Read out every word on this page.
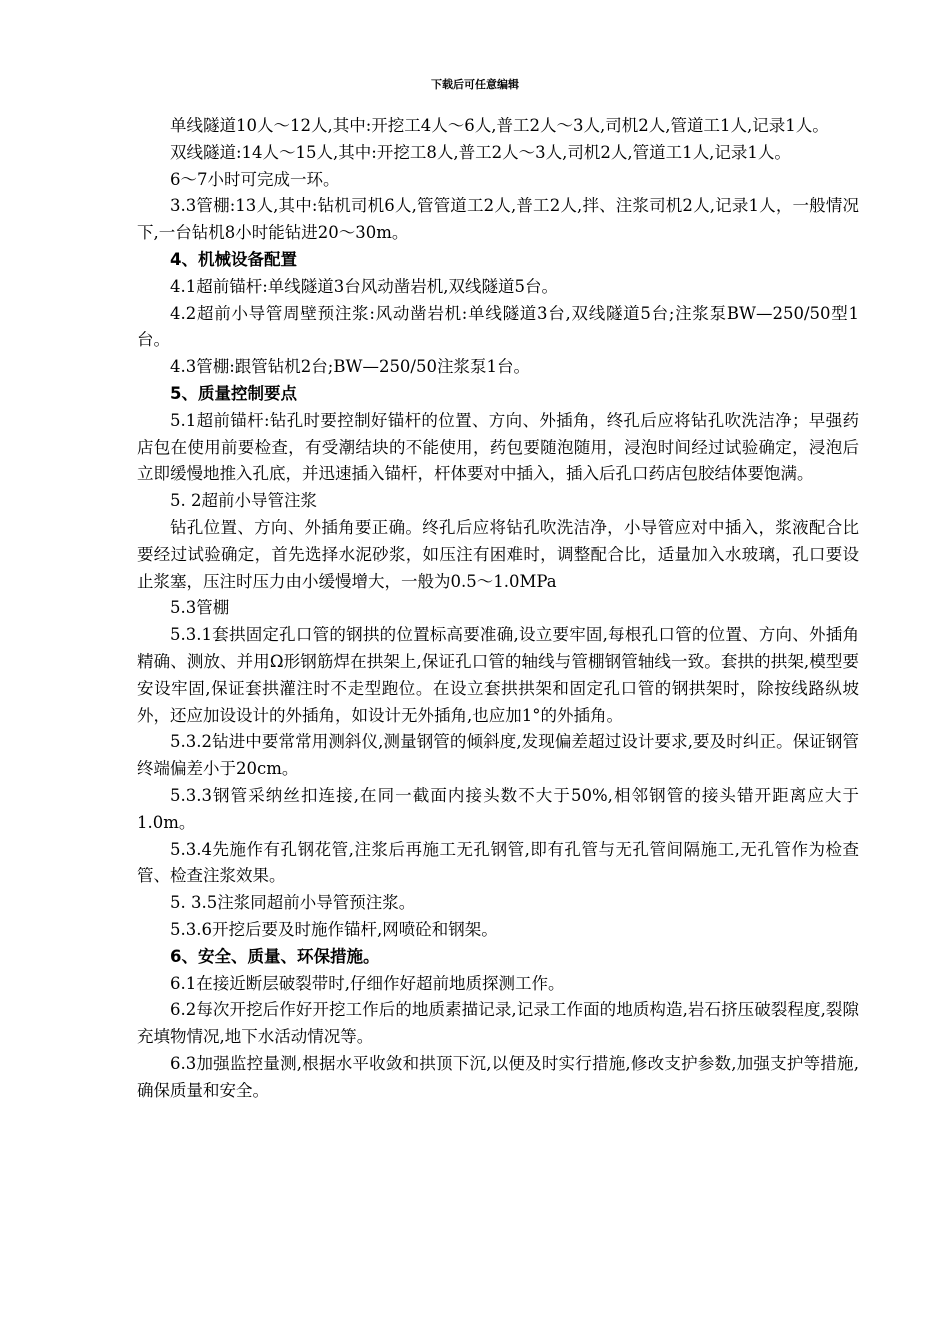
下载后可任意编辑

单线隧道10人～12人,其中:开挖工4人～6人,普工2人～3人,司机2人,管道工1人,记录1人。

双线隧道:14人～15人,其中:开挖工8人,普工2人～3人,司机2人,管道工1人,记录1人。

6～7小时可完成一环。

3.3管棚:13人,其中:钻机司机6人,管管道工2人,普工2人,拌、注浆司机2人,记录1人，一般情况下,一台钻机8小时能钻进20～30m。

4、机械设备配置

4.1超前锚杆:单线隧道3台风动凿岩机,双线隧道5台。

4.2超前小导管周壁预注浆:风动凿岩机:单线隧道3台,双线隧道5台;注浆泵BW—250/50型1台。

4.3管棚:跟管钻机2台;BW—250/50注浆泵1台。

5、质量控制要点

5.1超前锚杆:钻孔时要控制好锚杆的位置、方向、外插角，终孔后应将钻孔吹洗洁净；早强药店包在使用前要检查，有受潮结块的不能使用，药包要随泡随用，浸泡时间经过试验确定，浸泡后立即缓慢地推入孔底，并迅速插入锚杆，杆体要对中插入，插入后孔口药店包胶结体要饱满。

5. 2超前小导管注浆

钻孔位置、方向、外插角要正确。终孔后应将钻孔吹洗洁净，小导管应对中插入，浆液配合比要经过试验确定，首先选择水泥砂浆，如压注有困难时，调整配合比，适量加入水玻璃，孔口要设止浆塞，压注时压力由小缓慢增大，一般为0.5～1.0MPa

5.3管棚

5.3.1套拱固定孔口管的钢拱的位置标高要准确,设立要牢固,每根孔口管的位置、方向、外插角精确、测放、并用Ω形钢筋焊在拱架上,保证孔口管的轴线与管棚钢管轴线一致。套拱的拱架,模型要安设牢固,保证套拱灌注时不走型跑位。在设立套拱拱架和固定孔口管的钢拱架时，除按线路纵坡外，还应加设设计的外插角，如设计无外插角,也应加1°的外插角。

5.3.2钻进中要常常用测斜仪,测量钢管的倾斜度,发现偏差超过设计要求,要及时纠正。保证钢管终端偏差小于20cm。

5.3.3钢管采纳丝扣连接,在同一截面内接头数不大于50%,相邻钢管的接头错开距离应大于1.0m。

5.3.4先施作有孔钢花管,注浆后再施工无孔钢管,即有孔管与无孔管间隔施工,无孔管作为检查管、检查注浆效果。

5. 3.5注浆同超前小导管预注浆。

5.3.6开挖后要及时施作锚杆,网喷砼和钢架。

6、安全、质量、环保措施。

6.1在接近断层破裂带时,仔细作好超前地质探测工作。

6.2每次开挖后作好开挖工作后的地质素描记录,记录工作面的地质构造,岩石挤压破裂程度,裂隙充填物情况,地下水活动情况等。

6.3加强监控量测,根据水平收敛和拱顶下沉,以便及时实行措施,修改支护参数,加强支护等措施,确保质量和安全。
